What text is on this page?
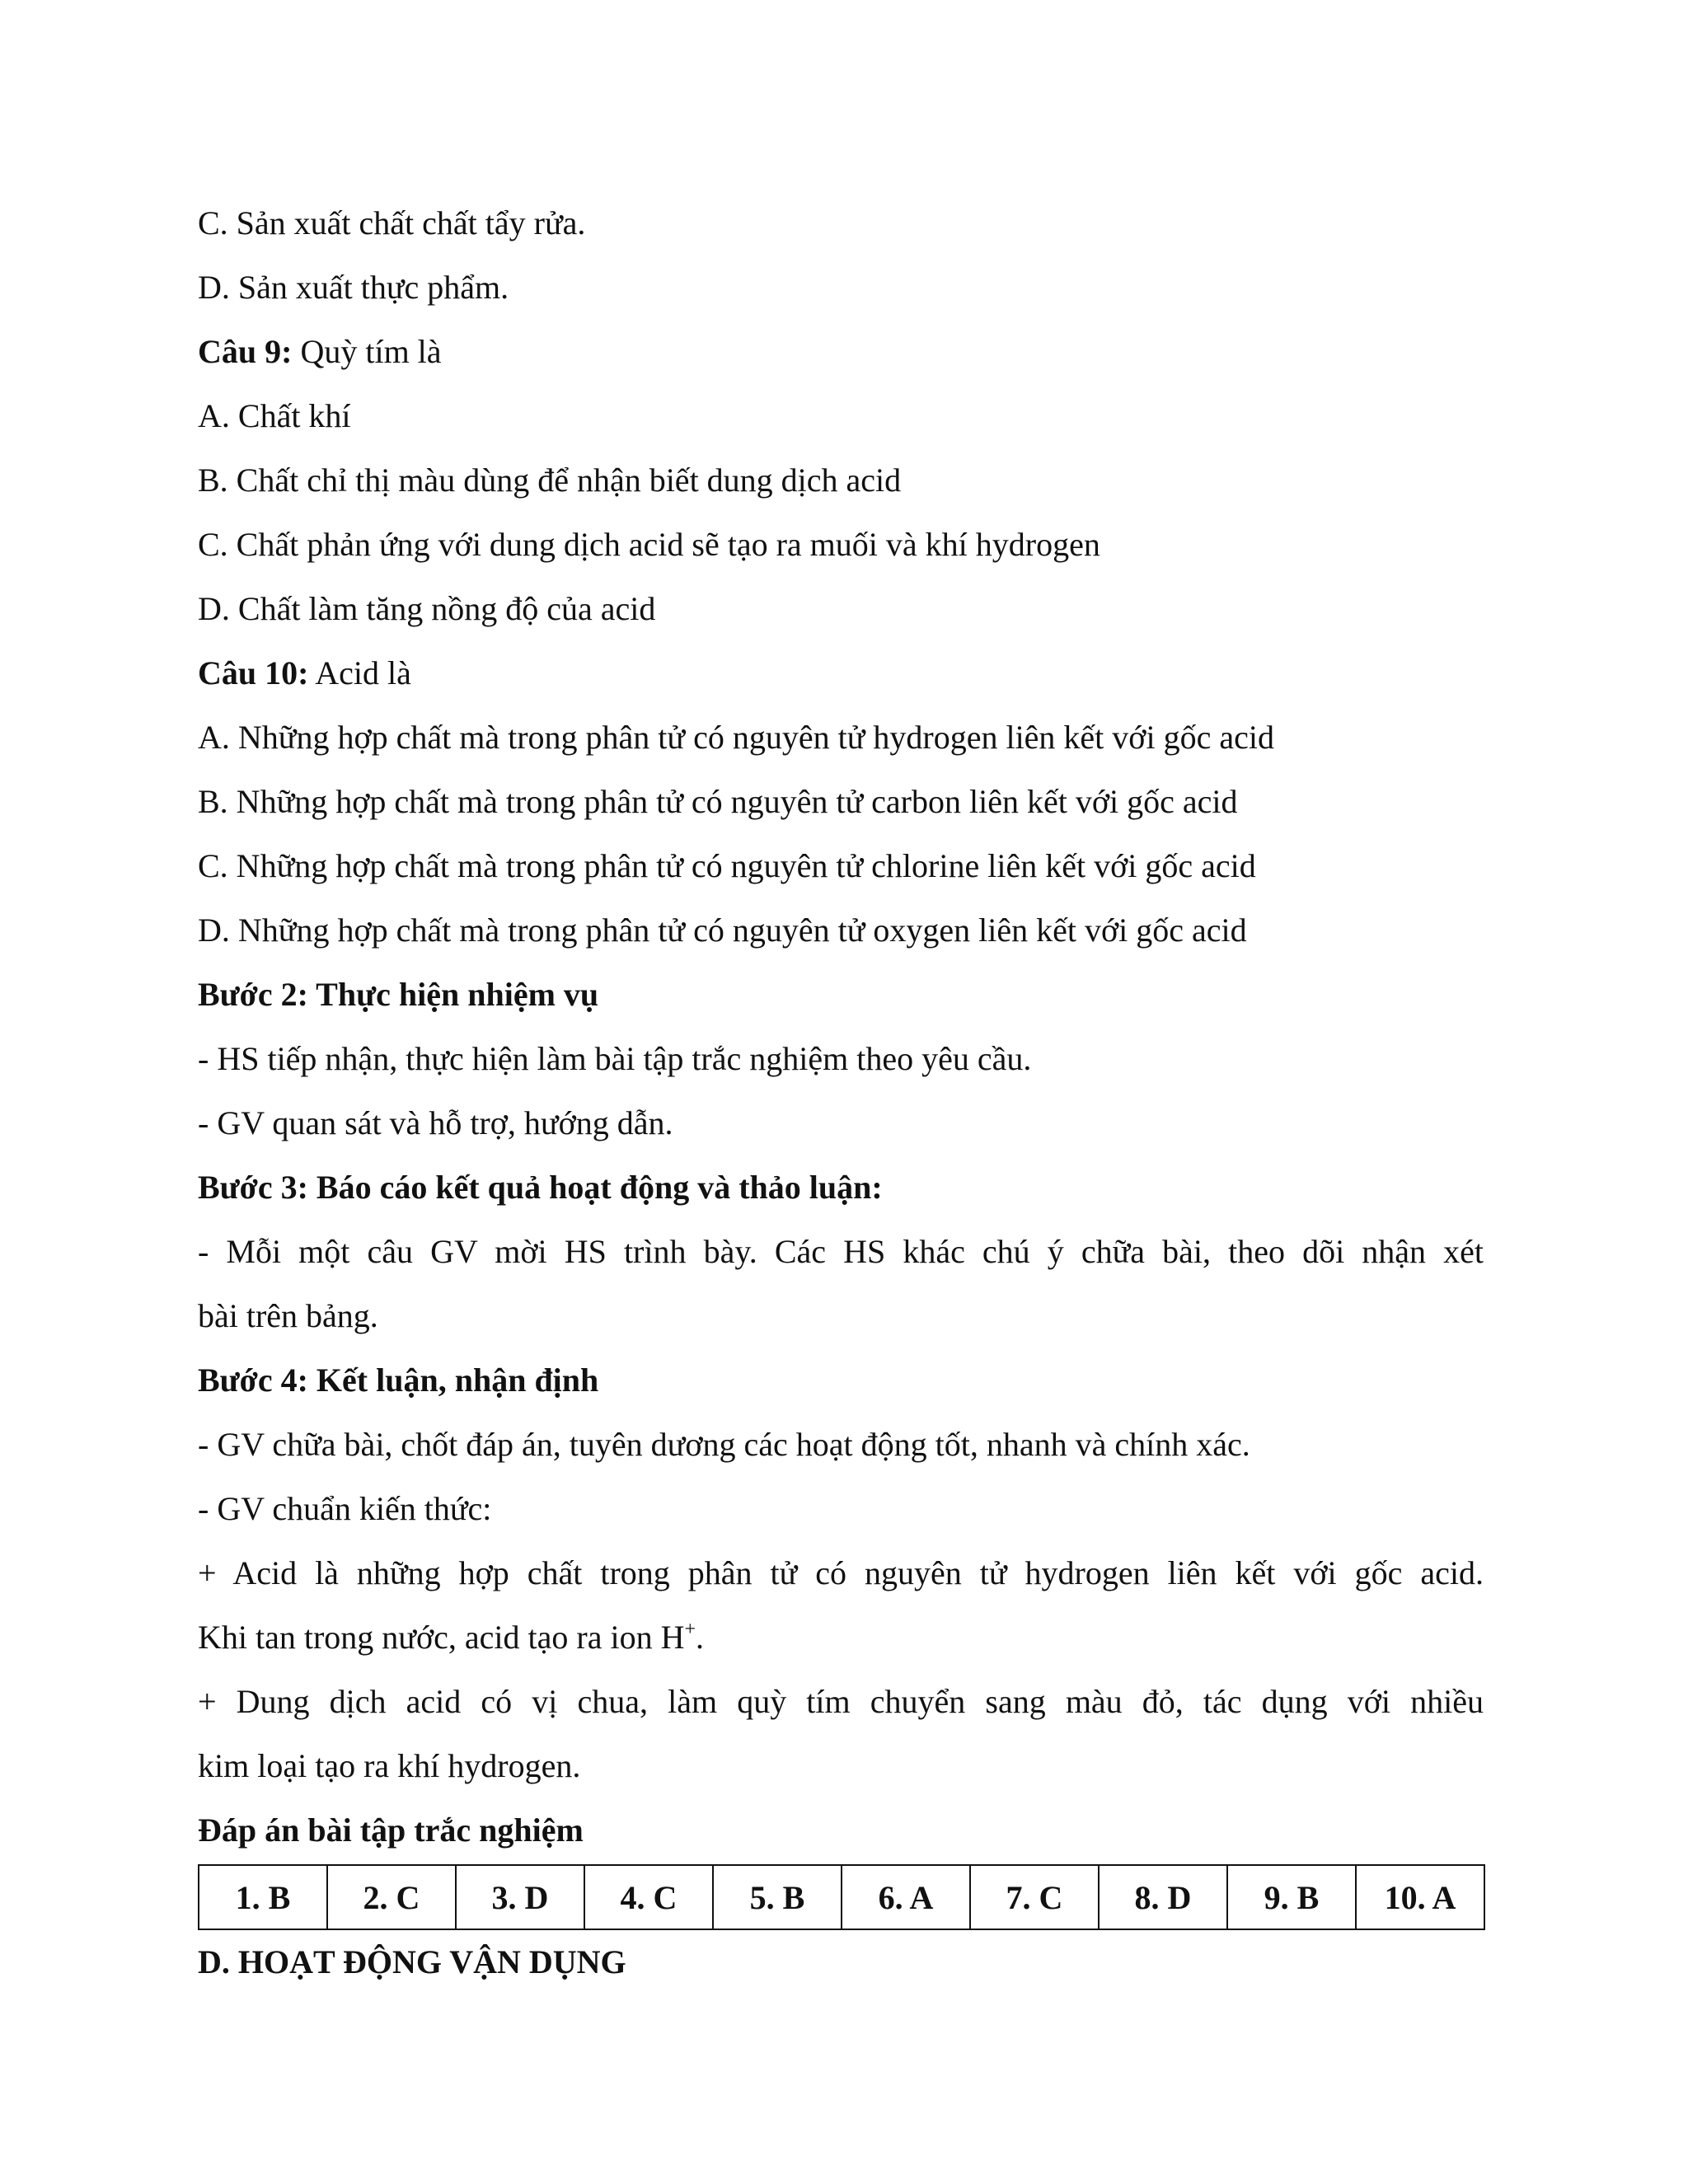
C. Sản xuất chất chất tẩy rửa.
D. Sản xuất thực phẩm.
Câu 9: Quỳ tím là
A. Chất khí
B. Chất chỉ thị màu dùng để nhận biết dung dịch acid
C. Chất phản ứng với dung dịch acid sẽ tạo ra muối và khí hydrogen
D. Chất làm tăng nồng độ của acid
Câu 10: Acid là
A. Những hợp chất mà trong phân tử có nguyên tử hydrogen liên kết với gốc acid
B. Những hợp chất mà trong phân tử có nguyên tử carbon liên kết với gốc acid
C. Những hợp chất mà trong phân tử có nguyên tử chlorine liên kết với gốc acid
D. Những hợp chất mà trong phân tử có nguyên tử oxygen liên kết với gốc acid
Bước 2: Thực hiện nhiệm vụ
- HS tiếp nhận, thực hiện làm bài tập trắc nghiệm theo yêu cầu.
- GV quan sát và hỗ trợ, hướng dẫn.
Bước 3: Báo cáo kết quả hoạt động và thảo luận:
- Mỗi một câu GV mời HS trình bày. Các HS khác chú ý chữa bài, theo dõi nhận xét
bài trên bảng.
Bước 4: Kết luận, nhận định
- GV chữa bài, chốt đáp án, tuyên dương các hoạt động tốt, nhanh và chính xác.
- GV chuẩn kiến thức:
+ Acid là những hợp chất trong phân tử có nguyên tử hydrogen liên kết với gốc acid.
Khi tan trong nước, acid tạo ra ion H+.
+ Dung dịch acid có vị chua, làm quỳ tím chuyển sang màu đỏ, tác dụng với nhiều
kim loại tạo ra khí hydrogen.
Đáp án bài tập trắc nghiệm
1. B	2. C	3. D	4. C	5. B	6. A	7. C	8. D	9. B	10. A
D. HOẠT ĐỘNG VẬN DỤNG
